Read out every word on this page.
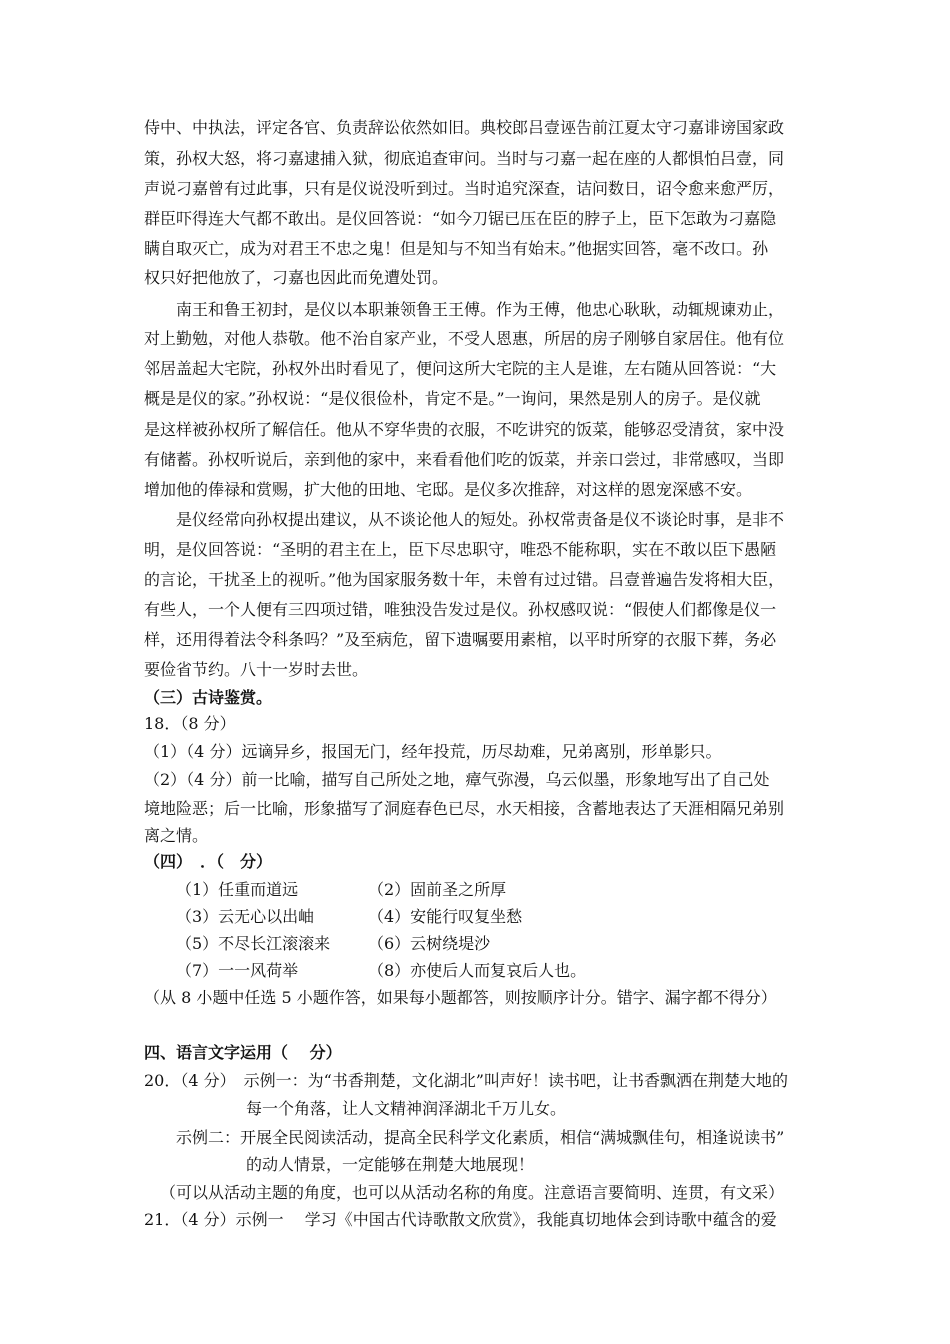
侍中、中执法，评定各官、负责辞讼依然如旧。典校郎吕壹诬告前江夏太守刁嘉诽谤国家政
策，孙权大怒，将刁嘉逮捕入狱，彻底追查审问。当时与刁嘉一起在座的人都惧怕吕壹，同
声说刁嘉曾有过此事，只有是仪说没听到过。当时追究深查，诘问数日，诏令愈来愈严厉，
群臣吓得连大气都不敢出。是仪回答说：“如今刀锯已压在臣的脖子上，臣下怎敢为刁嘉隐
瞒自取灭亡，成为对君王不忠之鬼！但是知与不知当有始末。”他据实回答，毫不改口。孙
权只好把他放了，刁嘉也因此而免遭处罚。
南王和鲁王初封，是仪以本职兼领鲁王王傅。作为王傅，他忠心耿耿，动辄规谏劝止，
对上勤勉，对他人恭敬。他不治自家产业，不受人恩惠，所居的房子刚够自家居住。他有位
邻居盖起大宅院，孙权外出时看见了，便问这所大宅院的主人是谁，左右随从回答说：“大
概是是仪的家。”孙权说：“是仪很俭朴，肯定不是。”一询问，果然是别人的房子。是仪就
是这样被孙权所了解信任。他从不穿华贵的衣服，不吃讲究的饭菜，能够忍受清贫，家中没
有储蓄。孙权听说后，亲到他的家中，来看看他们吃的饭菜，并亲口尝过，非常感叹，当即
增加他的俸禄和赏赐，扩大他的田地、宅邸。是仪多次推辞，对这样的恩宠深感不安。
是仪经常向孙权提出建议，从不谈论他人的短处。孙权常责备是仪不谈论时事，是非不
明，是仪回答说：“圣明的君主在上，臣下尽忠职守，唯恐不能称职，实在不敢以臣下愚陋
的言论，干扰圣上的视听。”他为国家服务数十年，未曾有过过错。吕壹普遍告发将相大臣，
有些人，一个人便有三四项过错，唯独没告发过是仪。孙权感叹说：“假使人们都像是仪一
样，还用得着法令科条吗？”及至病危，留下遗嘱要用素棺，以平时所穿的衣服下葬，务必
要俭省节约。八十一岁时去世。
（三）古诗鉴赏。
18．（8 分）
（1）（4 分）远谪异乡，报国无门，经年投荒，历尽劫难，兄弟离别，形单影只。
（2）（4 分）前一比喻，描写自己所处之地，瘴气弥漫，乌云似墨，形象地写出了自己处
境地险恶；后一比喻，形象描写了洞庭春色已尽，水天相接，含蓄地表达了天涯相隔兄弟别
离之情。
（四）　．（　分）
（1）任重而道远	（2）固前圣之所厚
（3）云无心以出岫	（4）安能行叹复坐愁
（5）不尽长江滚滚来 （6）云树绕堤沙
（7）一一风荷举	（8）亦使后人而复哀后人也。
（从 8 小题中任选 5 小题作答，如果每小题都答，则按顺序计分。错字、漏字都不得分）
四、语言文字运用（　 分）
20．（4 分）　示例一：为“书香荆楚，文化湖北”叫声好！读书吧，让书香飘洒在荆楚大地的
每一个角落，让人文精神润泽湖北千万儿女。
示例二：开展全民阅读活动，提高全民科学文化素质，相信“满城飘佳句，相逢说读书”
的动人情景，一定能够在荆楚大地展现！
（可以从活动主题的角度，也可以从活动名称的角度。注意语言要简明、连贯，有文采）
21．（4 分）示例一　 学习《中国古代诗歌散文欣赏》，我能真切地体会到诗歌中蕴含的爱
